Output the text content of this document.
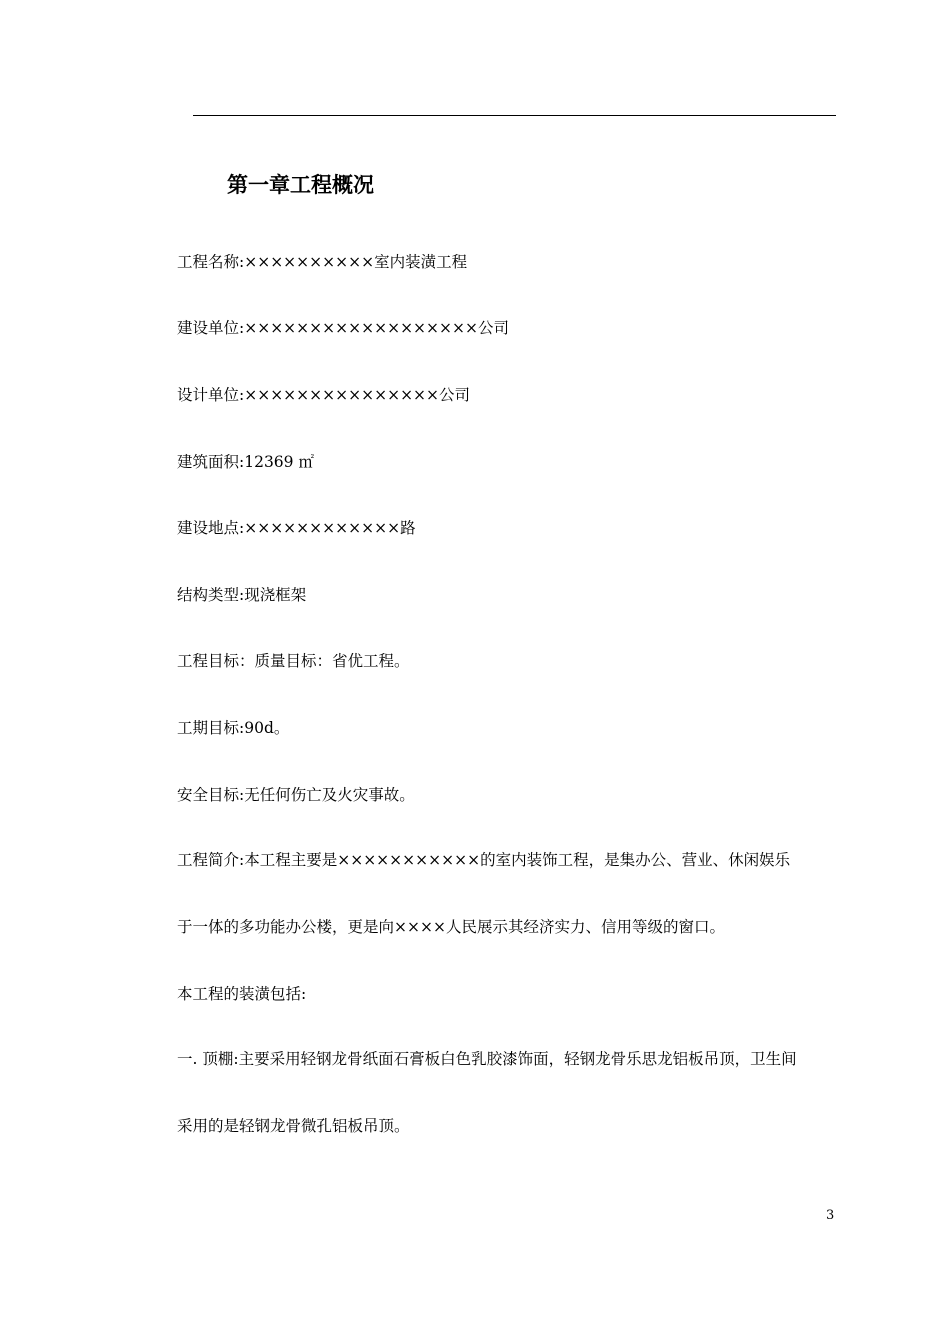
第一章工程概况

工程名称:××××××××××室内装潢工程

建设单位:××××××××××××××××××公司

设计单位:×××××××××××××××公司

建筑面积:12369 ㎡

建设地点:××××××××××××路

结构类型:现浇框架

工程目标：质量目标：省优工程。

工期目标:90d。

安全目标:无任何伤亡及火灾事故。

工程简介:本工程主要是×××××××××××的室内装饰工程，是集办公、营业、休闲娱乐

于一体的多功能办公楼，更是向××××人民展示其经济实力、信用等级的窗口。

本工程的装潢包括:

一. 顶棚:主要采用轻钢龙骨纸面石膏板白色乳胶漆饰面，轻钢龙骨乐思龙铝板吊顶，卫生间

采用的是轻钢龙骨微孔铝板吊顶。

3
